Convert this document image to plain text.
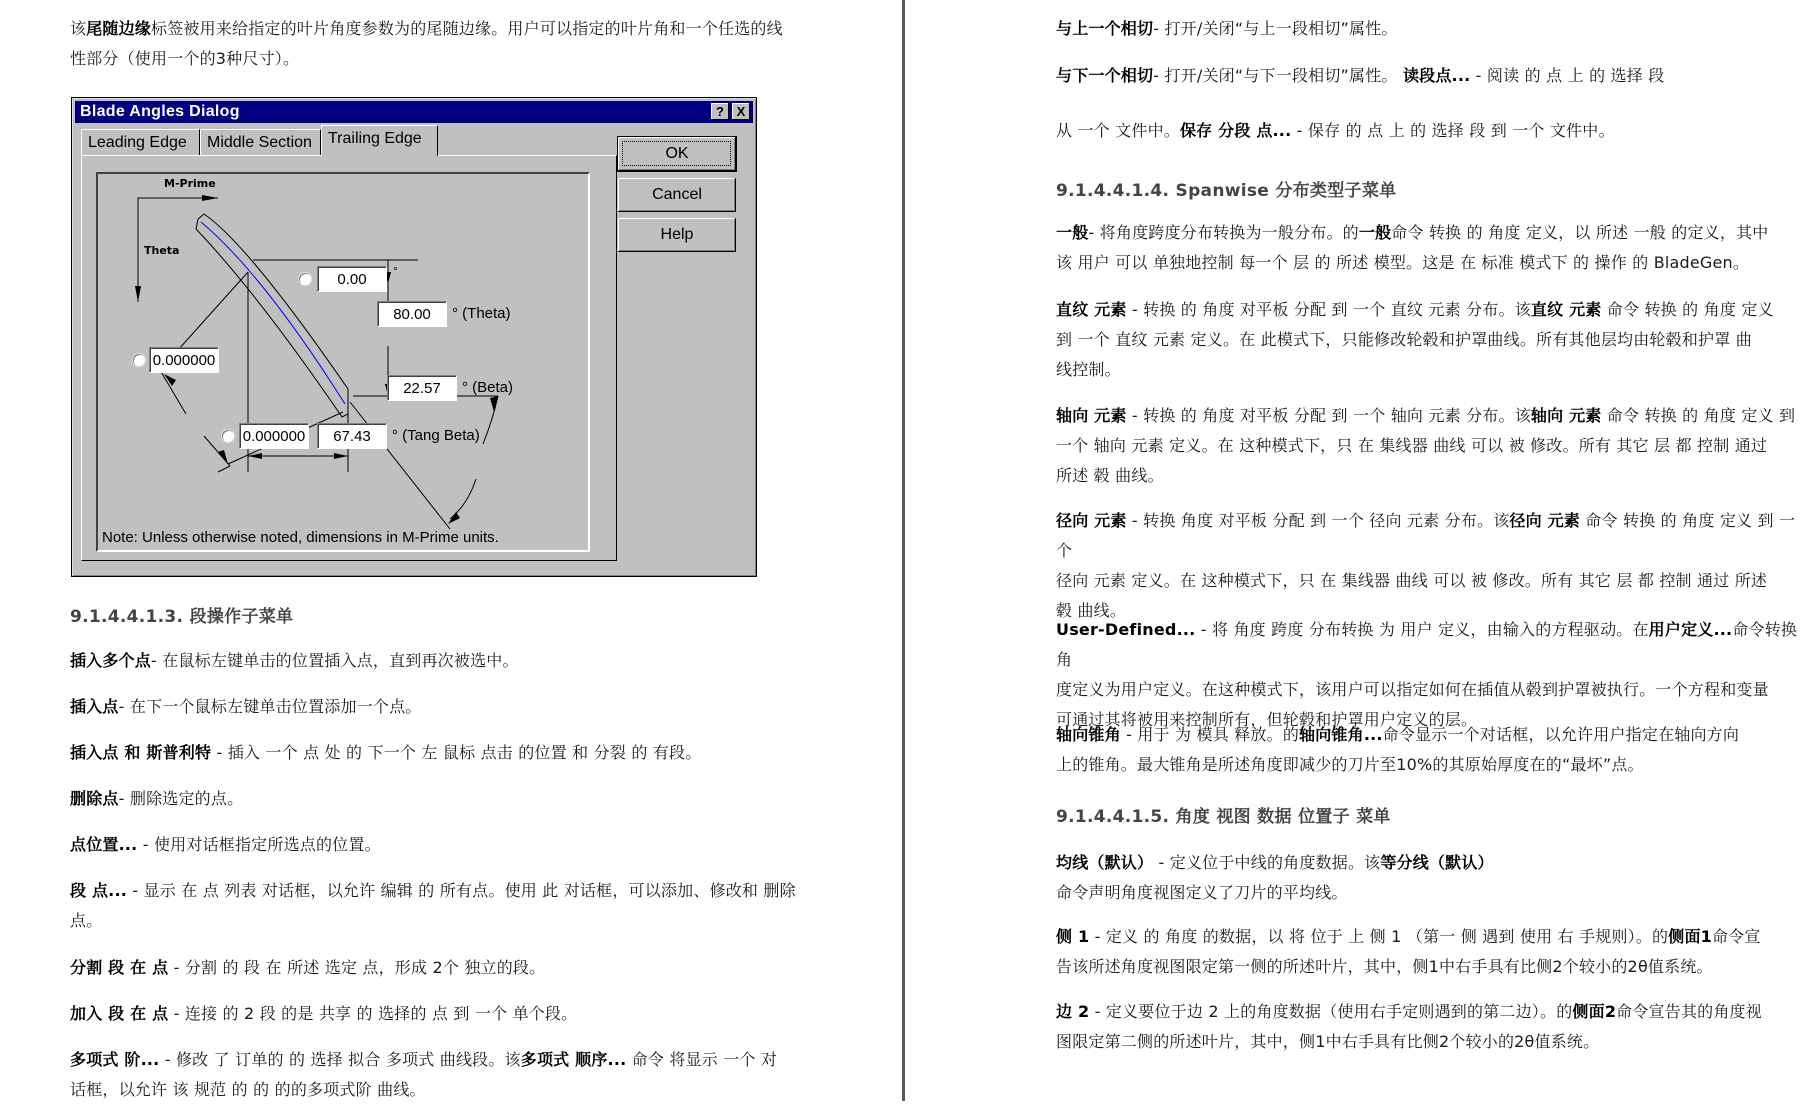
该尾随边缘标签被用来给指定的叶片角度参数为的尾随边缘。用户可以指定的叶片角和一个任选的线
性部分（使用一个的3种尺寸）。
Blade Angles Dialog	? X
Leading Edge	Middle Section	Trailing Edge
M-Prime
Theta
0.00	°
80.00	° (Theta)
0.000000
22.57	° (Beta)
0.000000	67.43	° (Tang Beta)
Note: Unless otherwise noted, dimensions in M-Prime units.
OK
Cancel
Help
9.1.4.4.1.3. 段操作子菜单
插入多个点- 在鼠标左键单击的位置插入点，直到再次被选中。
插入点- 在下一个鼠标左键单击位置添加一个点。
插入点 和 斯普利特 - 插入 一个 点 处 的 下一个 左 鼠标 点击 的位置 和 分裂 的 有段。
删除点- 删除选定的点。
点位置... - 使用对话框指定所选点的位置。
段 点... - 显示 在 点 列表 对话框，以允许 编辑 的 所有点。使用 此 对话框，可以添加、修改和 删除
点。
分割 段 在 点 - 分割 的 段 在 所述 选定 点，形成 2个 独立的段。
加入 段 在 点 - 连接 的 2 段 的是 共享 的 选择的 点 到 一个 单个段。
多项式 阶... - 修改 了 订单的 的 选择 拟合 多项式 曲线段。该多项式 顺序... 命令 将显示 一个 对
话框，以允许 该 规范 的 的 的的多项式阶 曲线。
与上一个相切- 打开/关闭“与上一段相切”属性。
与下一个相切- 打开/关闭“与下一段相切”属性。 读段点... - 阅读 的 点 上 的 选择 段
从 一个 文件中。保存 分段 点... - 保存 的 点 上 的 选择 段 到 一个 文件中。
9.1.4.4.1.4. Spanwise 分布类型子菜单
一般- 将角度跨度分布转换为一般分布。的一般命令 转换 的 角度 定义，以 所述 一般 的定义，其中
该 用户 可以 单独地控制 每一个 层 的 所述 模型。这是 在 标准 模式下 的 操作 的 BladeGen。
直纹 元素 - 转换 的 角度 对平板 分配 到 一个 直纹 元素 分布。该直纹 元素 命令 转换 的 角度 定义
到 一个 直纹 元素 定义。在 此模式下，只能修改轮毂和护罩曲线。所有其他层均由轮毂和护罩 曲
线控制。
轴向 元素 - 转换 的 角度 对平板 分配 到 一个 轴向 元素 分布。该轴向 元素 命令 转换 的 角度 定义 到
一个 轴向 元素 定义。在 这种模式下，只 在 集线器 曲线 可以 被 修改。所有 其它 层 都 控制 通过
所述 毂 曲线。
径向 元素 - 转换 角度 对平板 分配 到 一个 径向 元素 分布。该径向 元素 命令 转换 的 角度 定义 到 一个
径向 元素 定义。在 这种模式下，只 在 集线器 曲线 可以 被 修改。所有 其它 层 都 控制 通过 所述
毂 曲线。
User-Defined... - 将 角度 跨度 分布转换 为 用户 定义，由输入的方程驱动。在用户定义...命令转换角
度定义为用户定义。在这种模式下，该用户可以指定如何在插值从毂到护罩被执行。一个方程和变量
可通过其将被用来控制所有，但轮毂和护罩用户定义的层。
轴向锥角 - 用于 为 模具 释放。的轴向锥角...命令显示一个对话框，以允许用户指定在轴向方向
上的锥角。最大锥角是所述角度即减少的刀片至10%的其原始厚度在的“最坏”点。
9.1.4.4.1.5. 角度 视图 数据 位置子 菜单
均线（默认） - 定义位于中线的角度数据。该等分线（默认）
命令声明角度视图定义了刀片的平均线。
侧 1 - 定义 的 角度 的数据，以 将 位于 上 侧 1 （第一 侧 遇到 使用 右 手规则）。的侧面1命令宣
告该所述角度视图限定第一侧的所述叶片，其中，侧1中右手具有比侧2个较小的2θ值系统。
边 2 - 定义要位于边 2 上的角度数据（使用右手定则遇到的第二边）。的侧面2命令宣告其的角度视
图限定第二侧的所述叶片，其中，侧1中右手具有比侧2个较小的2θ值系统。
